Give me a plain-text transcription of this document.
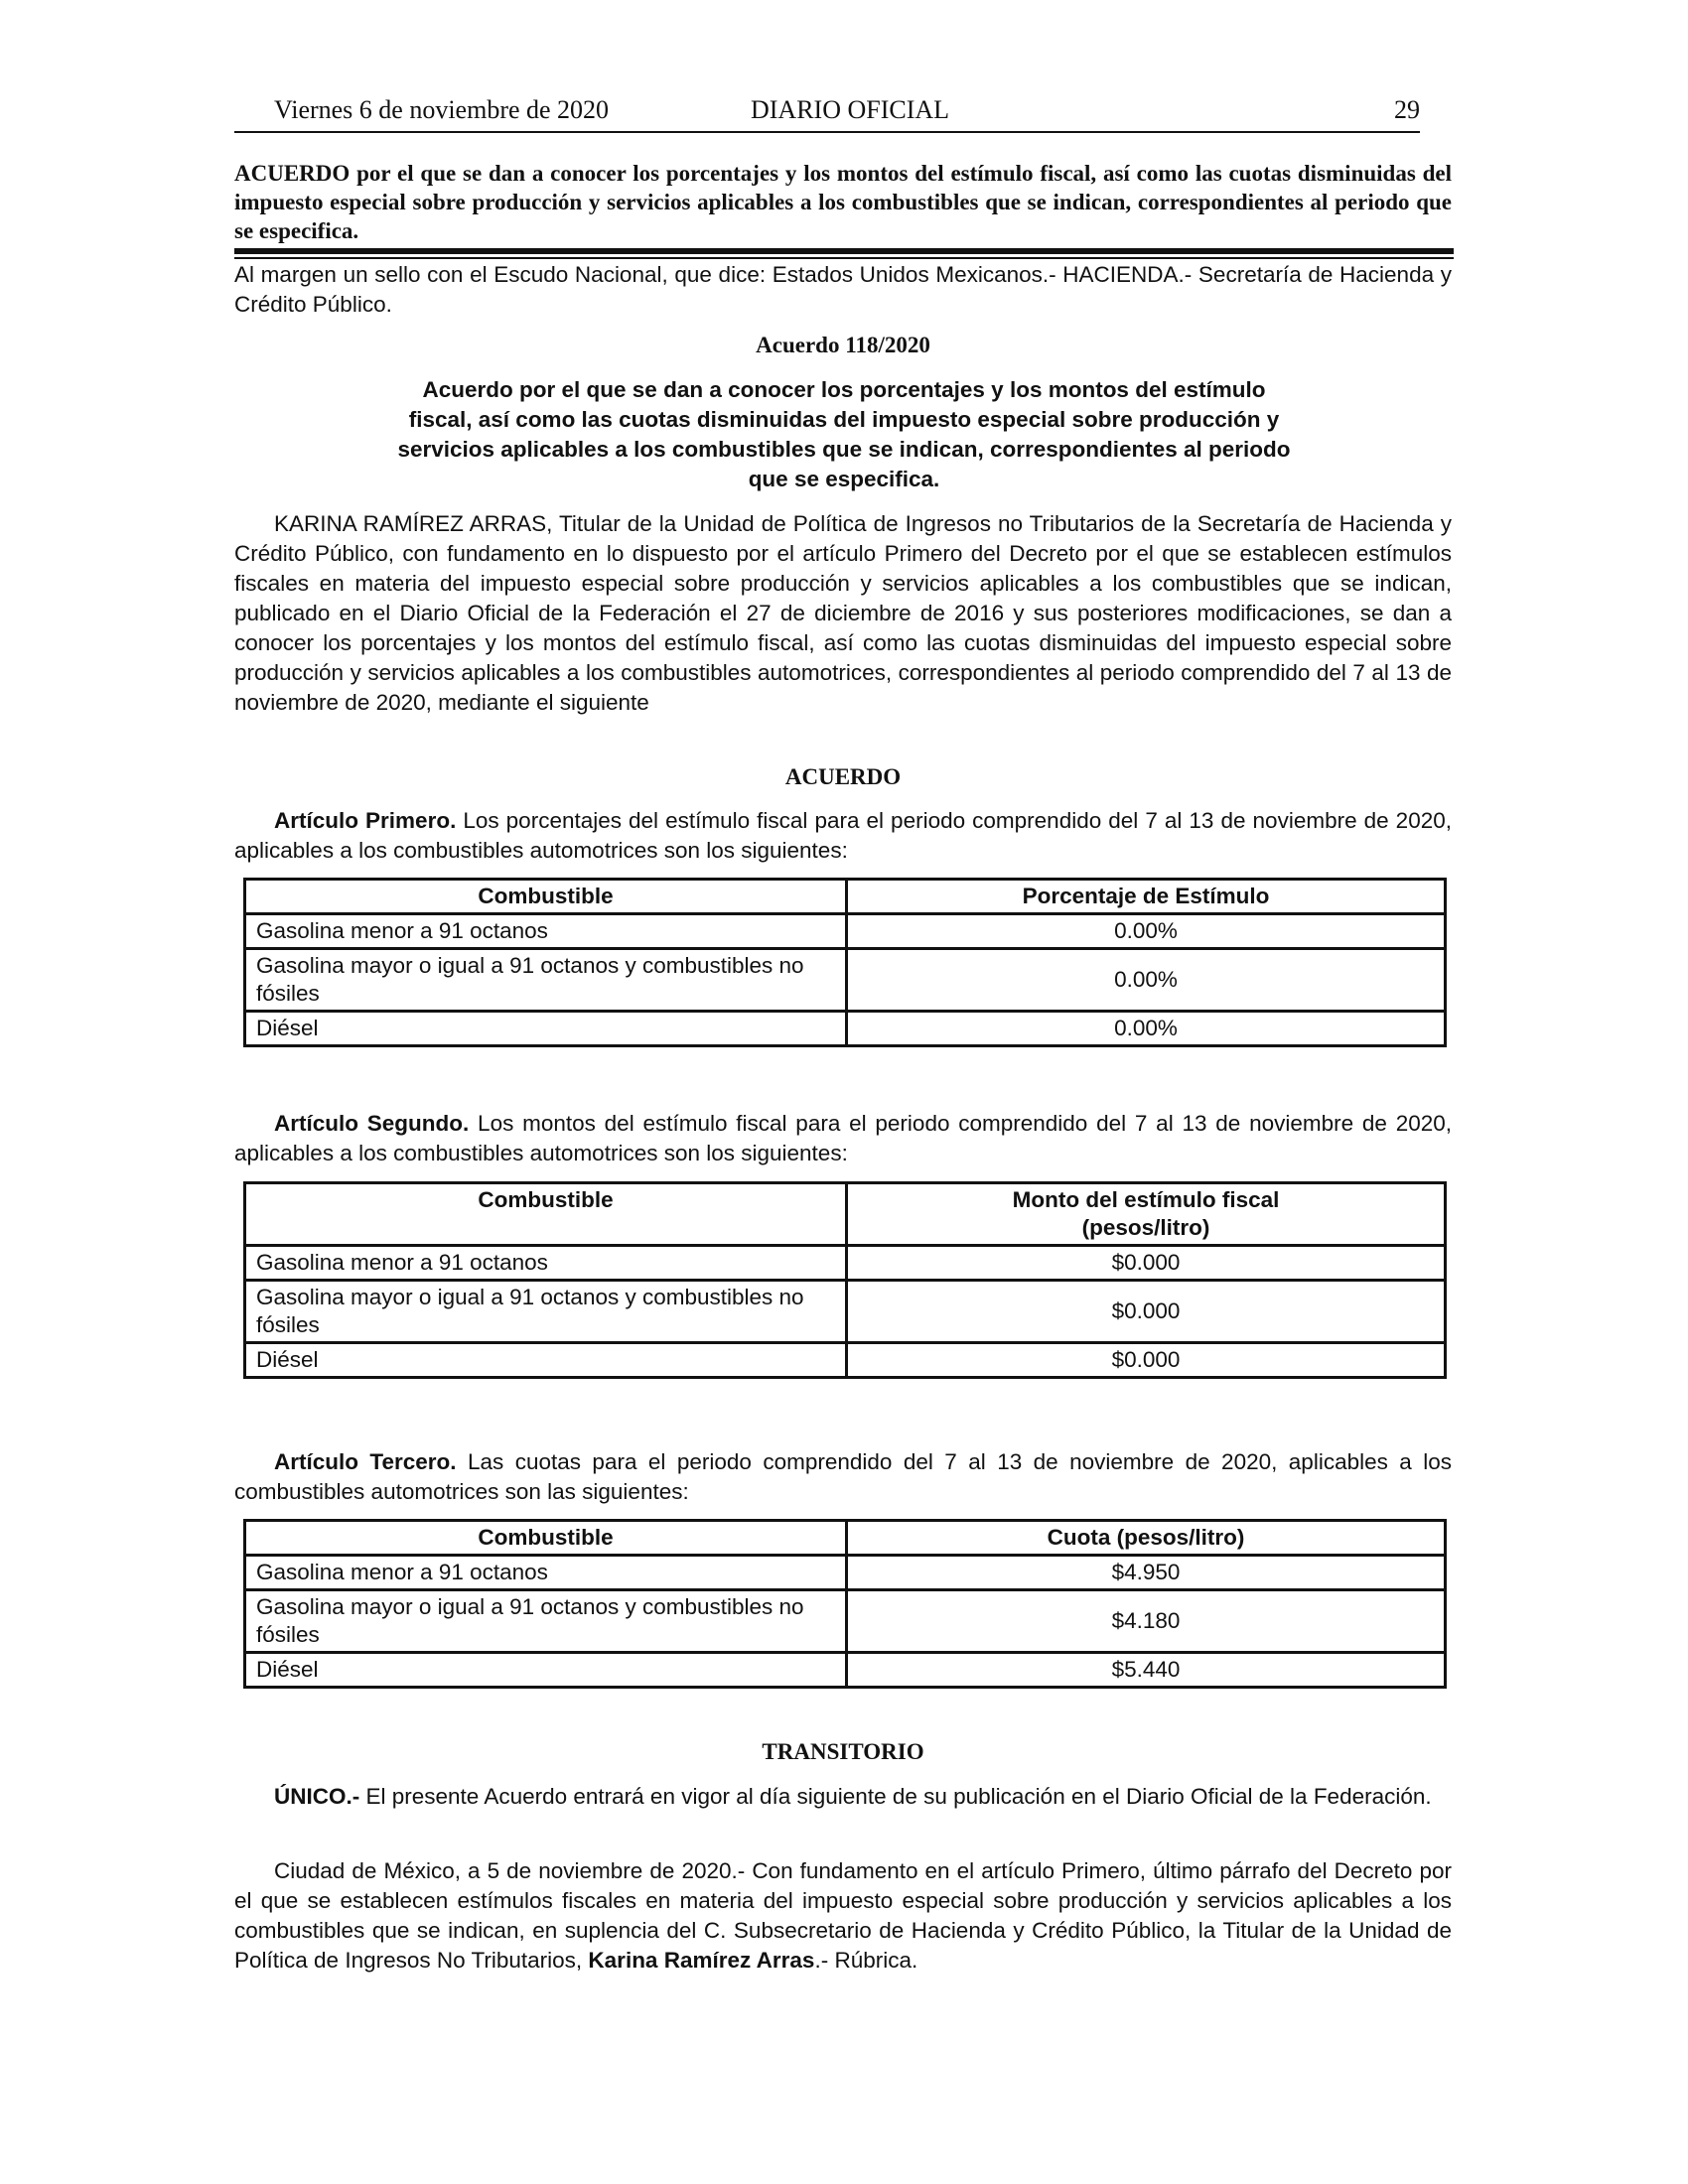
Viernes 6 de noviembre de 2020	DIARIO OFICIAL	29
ACUERDO por el que se dan a conocer los porcentajes y los montos del estímulo fiscal, así como las cuotas disminuidas del impuesto especial sobre producción y servicios aplicables a los combustibles que se indican, correspondientes al periodo que se especifica.
Al margen un sello con el Escudo Nacional, que dice: Estados Unidos Mexicanos.- HACIENDA.- Secretaría de Hacienda y Crédito Público.
Acuerdo 118/2020
Acuerdo por el que se dan a conocer los porcentajes y los montos del estímulo fiscal, así como las cuotas disminuidas del impuesto especial sobre producción y servicios aplicables a los combustibles que se indican, correspondientes al periodo que se especifica.
KARINA RAMÍREZ ARRAS, Titular de la Unidad de Política de Ingresos no Tributarios de la Secretaría de Hacienda y Crédito Público, con fundamento en lo dispuesto por el artículo Primero del Decreto por el que se establecen estímulos fiscales en materia del impuesto especial sobre producción y servicios aplicables a los combustibles que se indican, publicado en el Diario Oficial de la Federación el 27 de diciembre de 2016 y sus posteriores modificaciones, se dan a conocer los porcentajes y los montos del estímulo fiscal, así como las cuotas disminuidas del impuesto especial sobre producción y servicios aplicables a los combustibles automotrices, correspondientes al periodo comprendido del 7 al 13 de noviembre de 2020, mediante el siguiente
ACUERDO
Artículo Primero. Los porcentajes del estímulo fiscal para el periodo comprendido del 7 al 13 de noviembre de 2020, aplicables a los combustibles automotrices son los siguientes:
Combustible	Porcentaje de Estímulo
Gasolina menor a 91 octanos	0.00%
Gasolina mayor o igual a 91 octanos y combustibles no fósiles	0.00%
Diésel	0.00%
Artículo Segundo. Los montos del estímulo fiscal para el periodo comprendido del 7 al 13 de noviembre de 2020, aplicables a los combustibles automotrices son los siguientes:
Combustible	Monto del estímulo fiscal
(pesos/litro)

Gasolina menor a 91 octanos	$0.000
Gasolina mayor o igual a 91 octanos y combustibles no fósiles	$0.000
Diésel	$0.000
Artículo Tercero. Las cuotas para el periodo comprendido del 7 al 13 de noviembre de 2020, aplicables a los combustibles automotrices son las siguientes:
Combustible	Cuota (pesos/litro)
Gasolina menor a 91 octanos	$4.950
Gasolina mayor o igual a 91 octanos y combustibles no fósiles	$4.180
Diésel	$5.440
TRANSITORIO
ÚNICO.- El presente Acuerdo entrará en vigor al día siguiente de su publicación en el Diario Oficial de la Federación.
Ciudad de México, a 5 de noviembre de 2020.- Con fundamento en el artículo Primero, último párrafo del Decreto por el que se establecen estímulos fiscales en materia del impuesto especial sobre producción y servicios aplicables a los combustibles que se indican, en suplencia del C. Subsecretario de Hacienda y Crédito Público, la Titular de la Unidad de Política de Ingresos No Tributarios, Karina Ramírez Arras.- Rúbrica.
